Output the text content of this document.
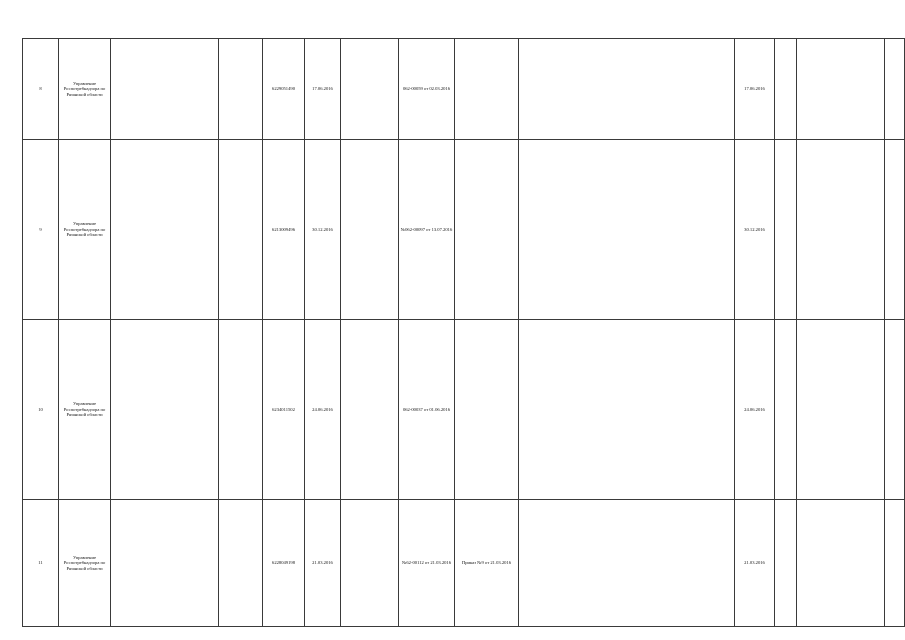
8	Управление Роспотребнадзора по Рязанской области			6229051490	17.06.2016		062-00059 от 02.03.2016			17.06.2016						
9	Управление Роспотребнадзора по Рязанской области			6213009496	30.12.2016		№062-00097 от 13.07.2016			30.12.2016						
10	Управление Роспотребнадзора по Рязанской области			6234011502	24.06.2016		062-00037 от 01.06.2016			24.06.2016						
11	Управление Роспотребнадзора по Рязанской области			6228049198	21.03.2016		№62-00112 от 21.03.2016	Приказ №9 от 21.03.2016		21.03.2016						
